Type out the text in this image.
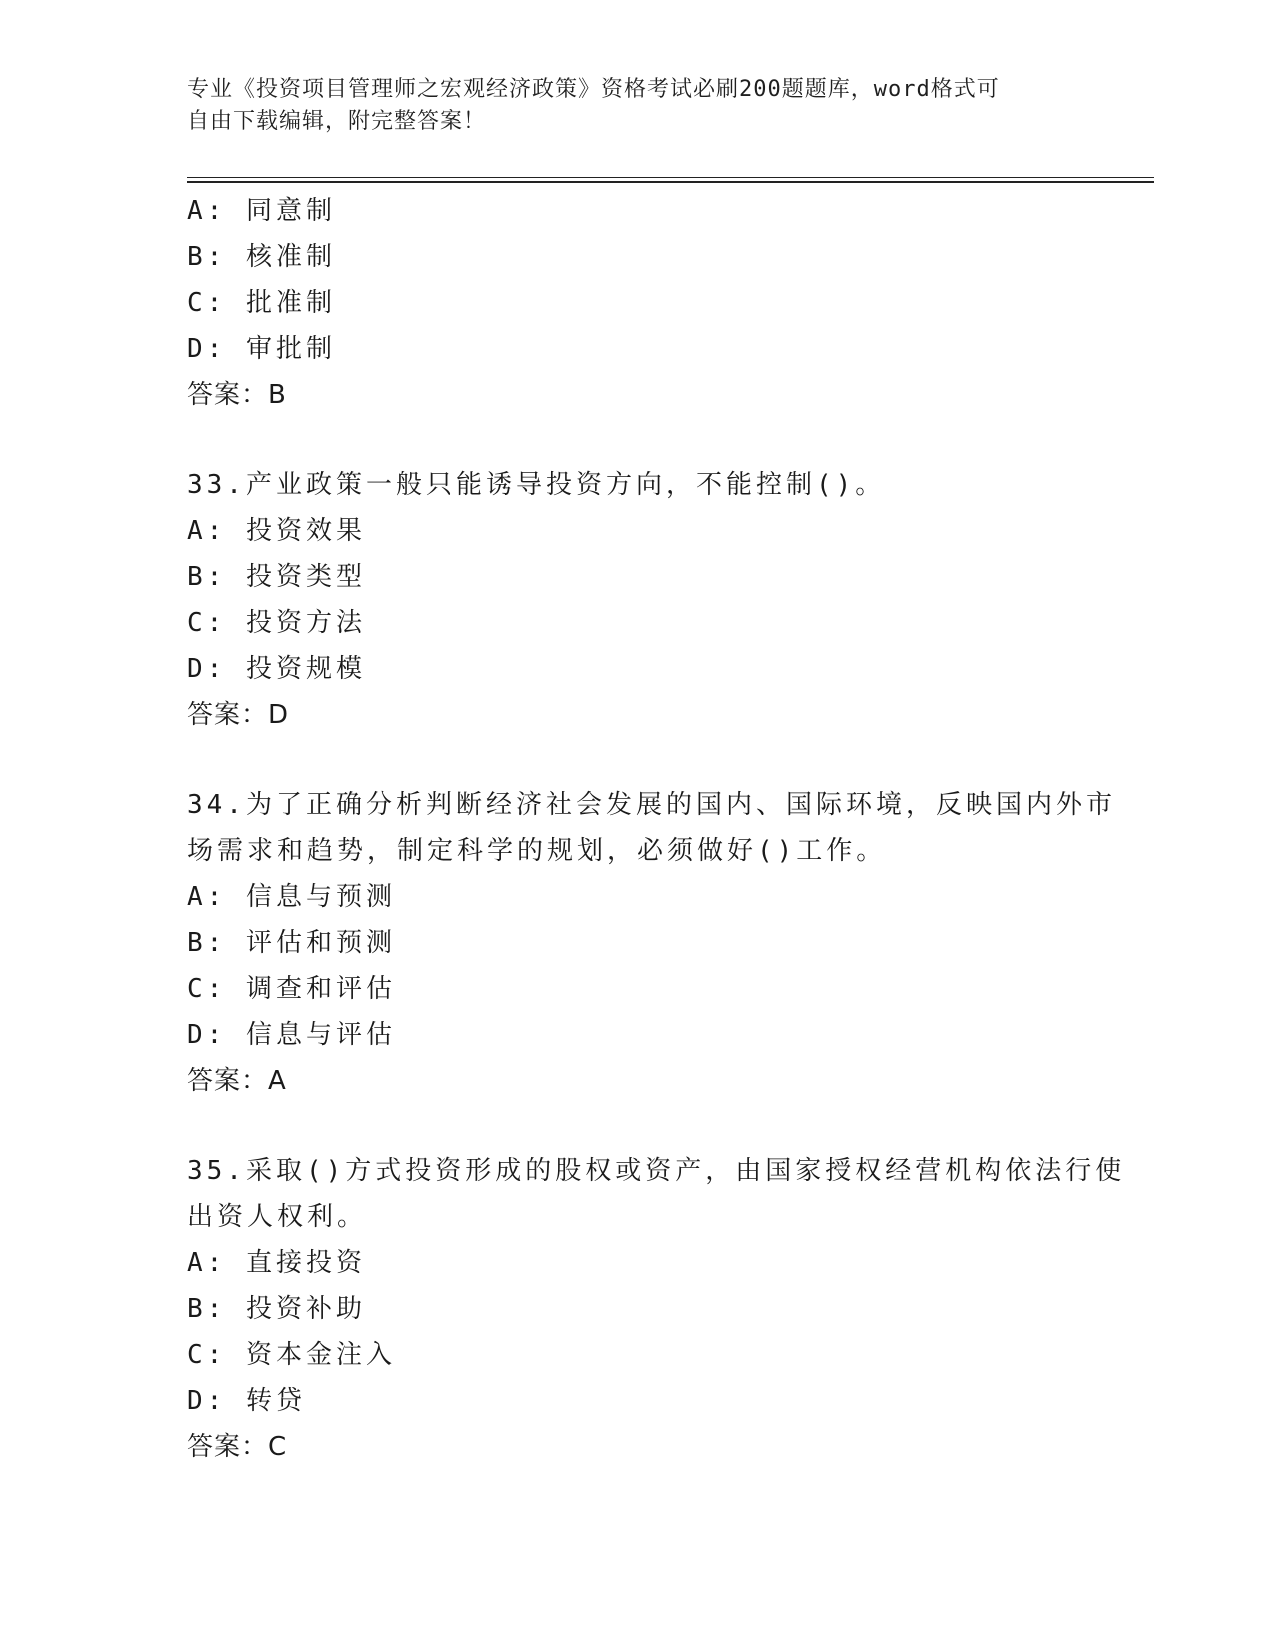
专业《投资项目管理师之宏观经济政策》资格考试必刷200题题库，word格式可
自由下载编辑，附完整答案！
A: 同意制
B: 核准制
C: 批准制
D: 审批制
答案：B
33.产业政策一般只能诱导投资方向，不能控制()。
A: 投资效果
B: 投资类型
C: 投资方法
D: 投资规模
答案：D
34.为了正确分析判断经济社会发展的国内、国际环境，反映国内外市
场需求和趋势，制定科学的规划，必须做好()工作。
A: 信息与预测
B: 评估和预测
C: 调查和评估
D: 信息与评估
答案：A
35.采取()方式投资形成的股权或资产，由国家授权经营机构依法行使
出资人权利。
A: 直接投资
B: 投资补助
C: 资本金注入
D: 转贷
答案：C
